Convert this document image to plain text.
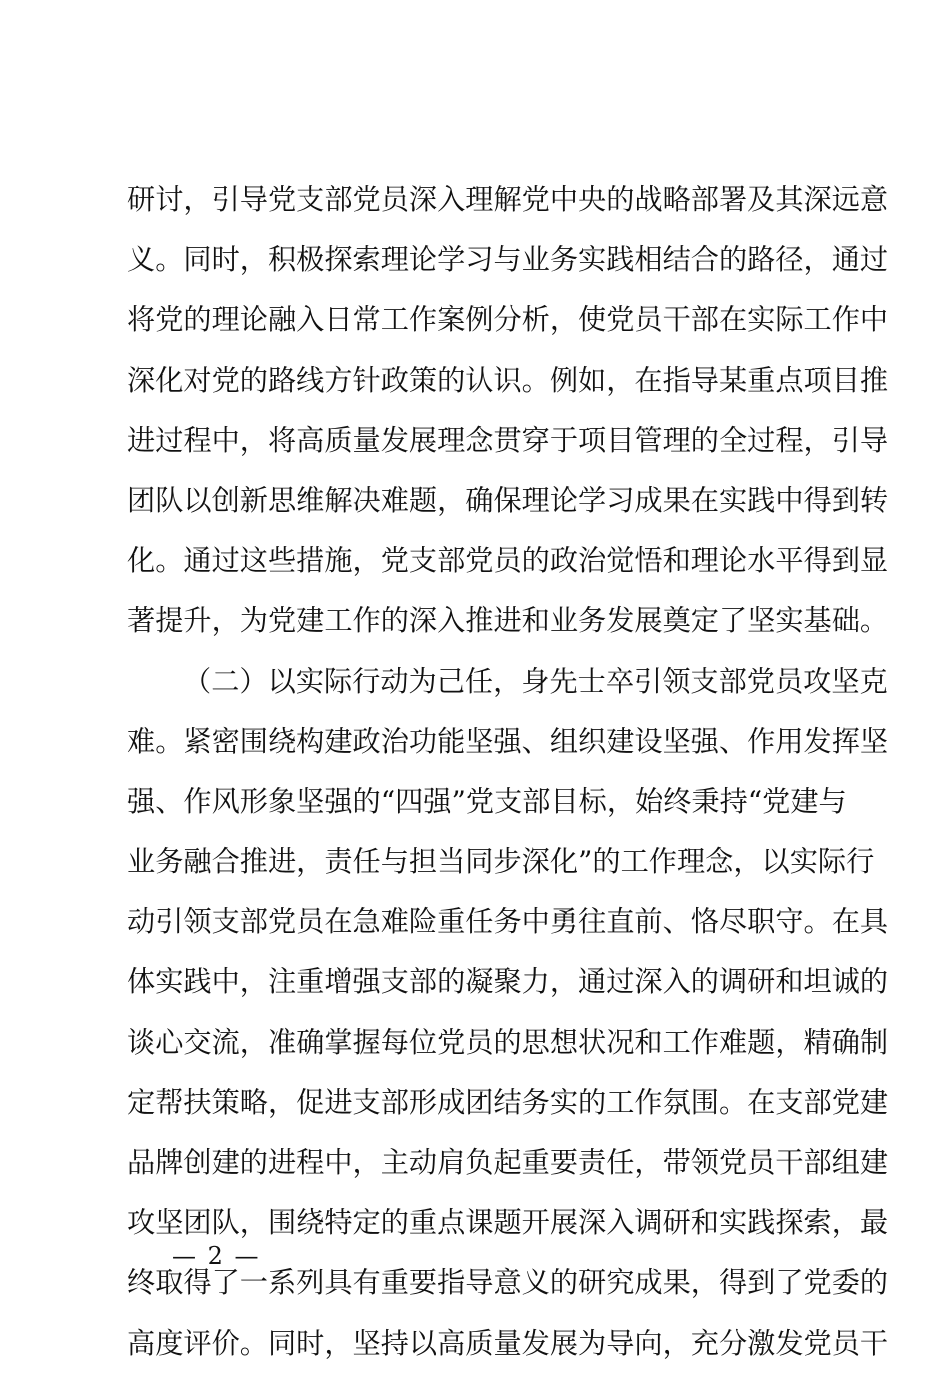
研讨，引导党支部党员深入理解党中央的战略部署及其深远意
义。同时，积极探索理论学习与业务实践相结合的路径，通过
将党的理论融入日常工作案例分析，使党员干部在实际工作中
深化对党的路线方针政策的认识。例如，在指导某重点项目推
进过程中，将高质量发展理念贯穿于项目管理的全过程，引导
团队以创新思维解决难题，确保理论学习成果在实践中得到转
化。通过这些措施，党支部党员的政治觉悟和理论水平得到显
著提升，为党建工作的深入推进和业务发展奠定了坚实基础。
（二）以实际行动为己任，身先士卒引领支部党员攻坚克
难。紧密围绕构建政治功能坚强、组织建设坚强、作用发挥坚
强、作风形象坚强的“四强”党支部目标，始终秉持“党建与
业务融合推进，责任与担当同步深化”的工作理念，以实际行
动引领支部党员在急难险重任务中勇往直前、恪尽职守。在具
体实践中，注重增强支部的凝聚力，通过深入的调研和坦诚的
谈心交流，准确掌握每位党员的思想状况和工作难题，精确制
定帮扶策略，促进支部形成团结务实的工作氛围。在支部党建
品牌创建的进程中，主动肩负起重要责任，带领党员干部组建
攻坚团队，围绕特定的重点课题开展深入调研和实践探索，最
终取得了一系列具有重要指导意义的研究成果，得到了党委的
高度评价。同时，坚持以高质量发展为导向，充分激发党员干
— 2 —
